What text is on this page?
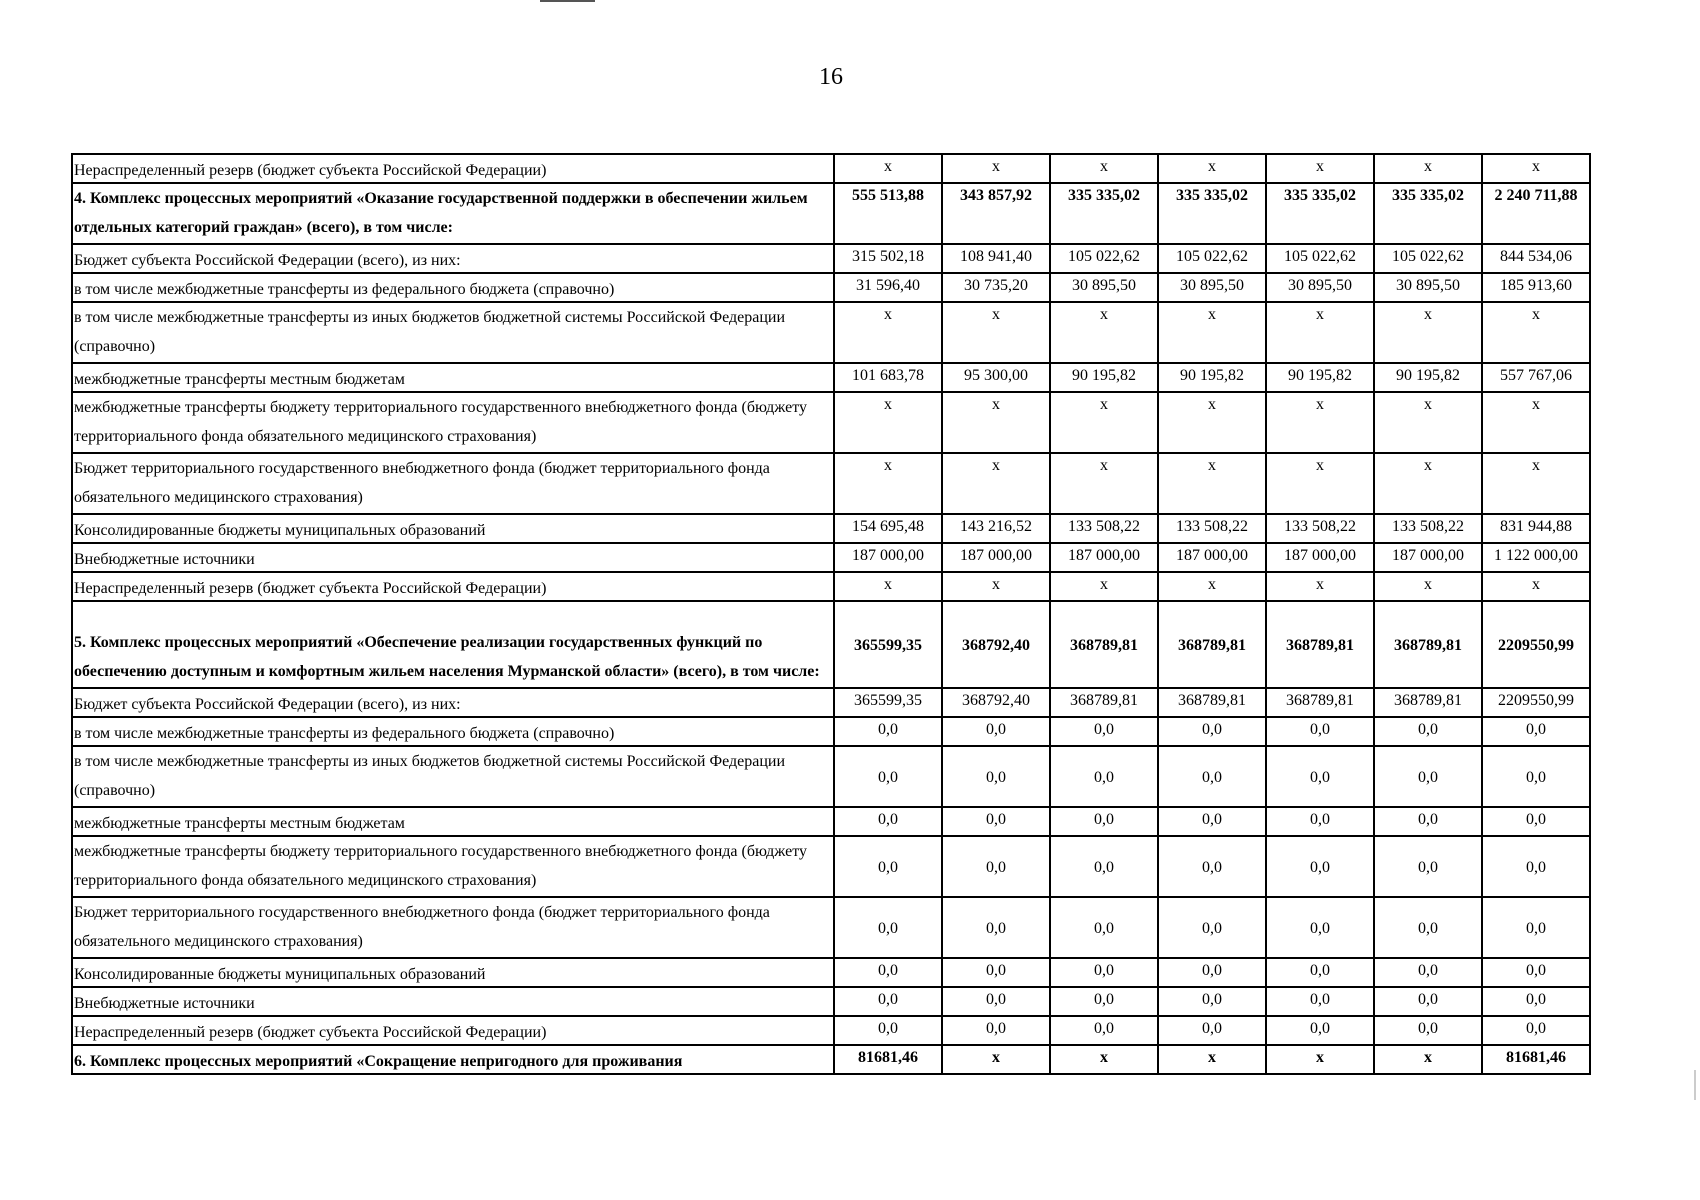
16
Нераспределенный резерв (бюджет субъекта Российской Федерации)	x	x	x	x	x	x	x
4. Комплекс процессных мероприятий «Оказание государственной поддержки в обеспечении жильем отдельных категорий граждан» (всего), в том числе:	555 513,88	343 857,92	335 335,02	335 335,02	335 335,02	335 335,02	2 240 711,88
Бюджет субъекта Российской Федерации (всего), из них:	315 502,18	108 941,40	105 022,62	105 022,62	105 022,62	105 022,62	844 534,06
в том числе межбюджетные трансферты из федерального бюджета (справочно)	31 596,40	30 735,20	30 895,50	30 895,50	30 895,50	30 895,50	185 913,60
в том числе межбюджетные трансферты из иных бюджетов бюджетной системы Российской Федерации (справочно)	x	x	x	x	x	x	x
межбюджетные трансферты местным бюджетам	101 683,78	95 300,00	90 195,82	90 195,82	90 195,82	90 195,82	557 767,06
межбюджетные трансферты бюджету территориального государственного внебюджетного фонда (бюджету территориального фонда обязательного медицинского страхования)	x	x	x	x	x	x	x
Бюджет территориального государственного внебюджетного фонда (бюджет территориального фонда обязательного медицинского страхования)	x	x	x	x	x	x	x
Консолидированные бюджеты муниципальных образований	154 695,48	143 216,52	133 508,22	133 508,22	133 508,22	133 508,22	831 944,88
Внебюджетные источники	187 000,00	187 000,00	187 000,00	187 000,00	187 000,00	187 000,00	1 122 000,00
Нераспределенный резерв (бюджет субъекта Российской Федерации)	x	x	x	x	x	x	x
5. Комплекс процессных мероприятий «Обеспечение реализации государственных функций по обеспечению доступным и комфортным жильем населения Мурманской области» (всего), в том числе:	365599,35	368792,40	368789,81	368789,81	368789,81	368789,81	2209550,99
Бюджет субъекта Российской Федерации (всего), из них:	365599,35	368792,40	368789,81	368789,81	368789,81	368789,81	2209550,99
в том числе межбюджетные трансферты из федерального бюджета (справочно)	0,0	0,0	0,0	0,0	0,0	0,0	0,0
в том числе межбюджетные трансферты из иных бюджетов бюджетной системы Российской Федерации (справочно)	0,0	0,0	0,0	0,0	0,0	0,0	0,0
межбюджетные трансферты местным бюджетам	0,0	0,0	0,0	0,0	0,0	0,0	0,0
межбюджетные трансферты бюджету территориального государственного внебюджетного фонда (бюджету территориального фонда обязательного медицинского страхования)	0,0	0,0	0,0	0,0	0,0	0,0	0,0
Бюджет территориального государственного внебюджетного фонда (бюджет территориального фонда обязательного медицинского страхования)	0,0	0,0	0,0	0,0	0,0	0,0	0,0
Консолидированные бюджеты муниципальных образований	0,0	0,0	0,0	0,0	0,0	0,0	0,0
Внебюджетные источники	0,0	0,0	0,0	0,0	0,0	0,0	0,0
Нераспределенный резерв (бюджет субъекта Российской Федерации)	0,0	0,0	0,0	0,0	0,0	0,0	0,0
6. Комплекс процессных мероприятий «Сокращение непригодного для проживания	81681,46	x	x	x	x	x	81681,46
